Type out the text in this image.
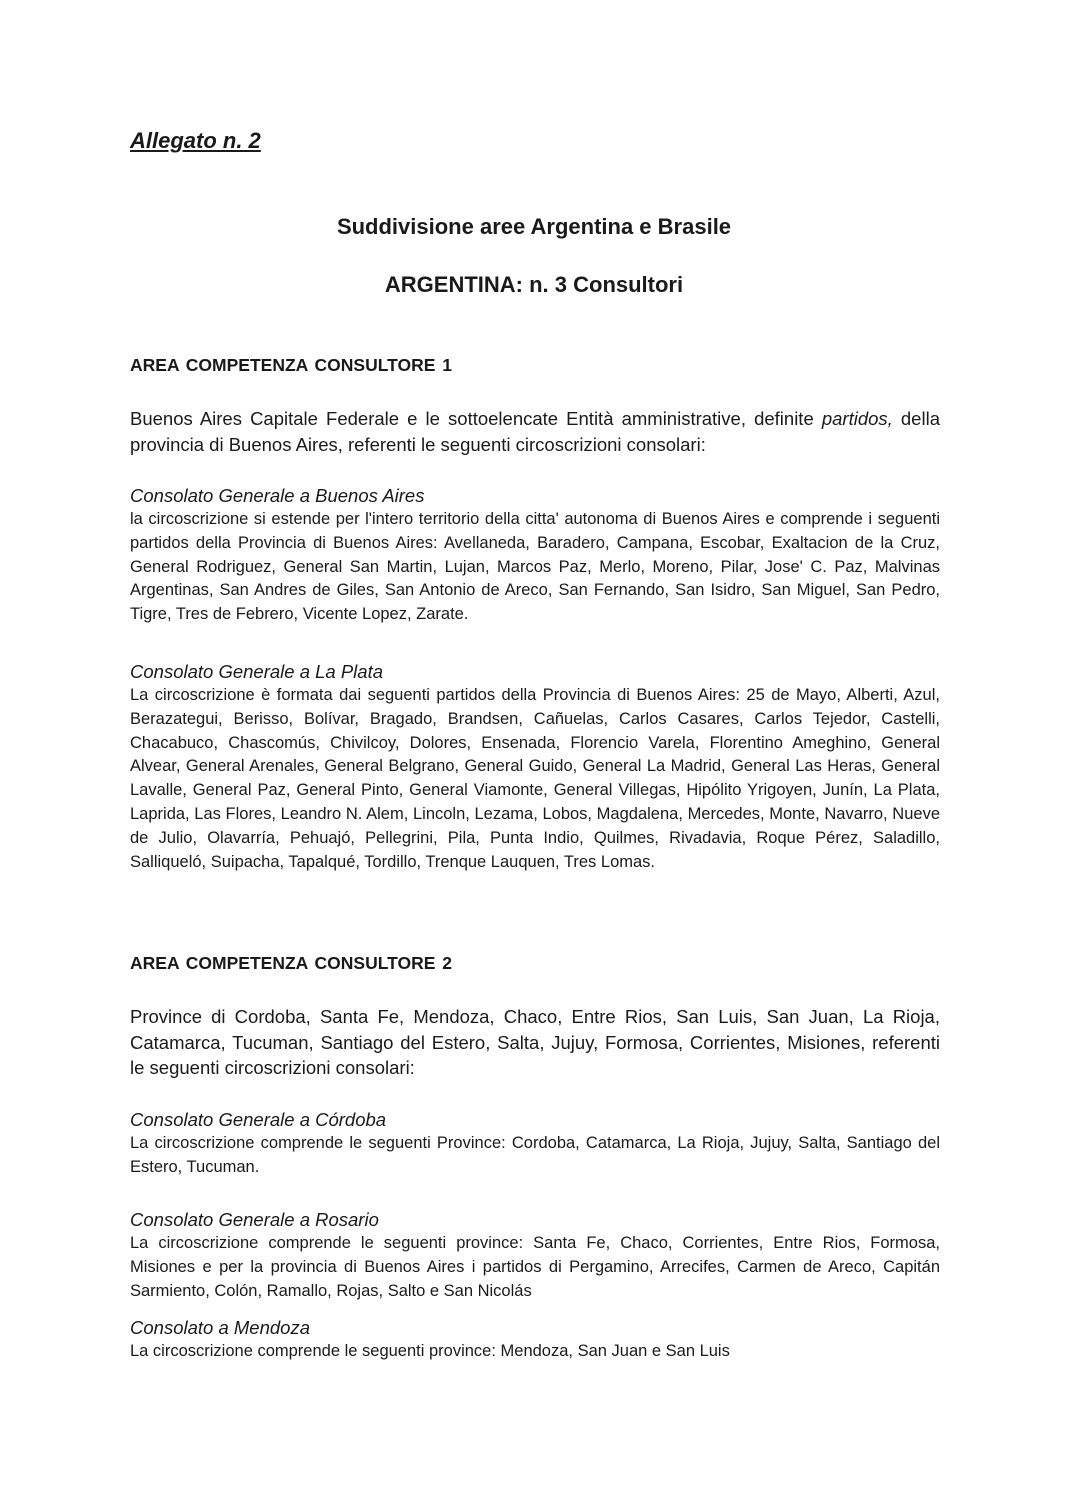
Allegato n. 2

Suddivisione aree Argentina e Brasile

ARGENTINA: n. 3 Consultori

AREA COMPETENZA CONSULTORE 1

Buenos Aires Capitale Federale e le sottoelencate Entità amministrative, definite partidos, della provincia di Buenos Aires, referenti le seguenti circoscrizioni consolari:

Consolato Generale a Buenos Aires

la circoscrizione si estende per l'intero territorio della citta' autonoma di Buenos Aires e comprende i seguenti partidos della Provincia di Buenos Aires: Avellaneda, Baradero, Campana, Escobar, Exaltacion de la Cruz, General Rodriguez, General San Martin, Lujan, Marcos Paz, Merlo, Moreno, Pilar, Jose' C. Paz, Malvinas Argentinas, San Andres de Giles, San Antonio de Areco, San Fernando, San Isidro, San Miguel, San Pedro, Tigre, Tres de Febrero, Vicente Lopez, Zarate.

Consolato Generale a La Plata

La circoscrizione è formata dai seguenti partidos della Provincia di Buenos Aires: 25 de Mayo, Alberti, Azul, Berazategui, Berisso, Bolívar, Bragado, Brandsen, Cañuelas, Carlos Casares, Carlos Tejedor, Castelli, Chacabuco, Chascomús, Chivilcoy, Dolores, Ensenada, Florencio Varela, Florentino Ameghino, General Alvear, General Arenales, General Belgrano, General Guido, General La Madrid, General Las Heras, General Lavalle, General Paz, General Pinto, General Viamonte, General Villegas, Hipólito Yrigoyen, Junín, La Plata, Laprida, Las Flores, Leandro N. Alem, Lincoln, Lezama, Lobos, Magdalena, Mercedes, Monte, Navarro, Nueve de Julio, Olavarría, Pehuajó, Pellegrini, Pila, Punta Indio, Quilmes, Rivadavia, Roque Pérez, Saladillo, Salliqueló, Suipacha, Tapalqué, Tordillo, Trenque Lauquen, Tres Lomas.

AREA COMPETENZA CONSULTORE 2

Province di Cordoba, Santa Fe, Mendoza, Chaco, Entre Rios, San Luis, San Juan, La Rioja, Catamarca, Tucuman, Santiago del Estero, Salta, Jujuy, Formosa, Corrientes, Misiones, referenti le seguenti circoscrizioni consolari:

Consolato Generale a Córdoba

La circoscrizione comprende le seguenti Province: Cordoba, Catamarca, La Rioja, Jujuy, Salta, Santiago del Estero, Tucuman.

Consolato Generale a Rosario

La circoscrizione comprende le seguenti province: Santa Fe, Chaco, Corrientes, Entre Rios, Formosa, Misiones e per la provincia di Buenos Aires i partidos di Pergamino, Arrecifes, Carmen de Areco, Capitán Sarmiento, Colón, Ramallo, Rojas, Salto e San Nicolás

Consolato a Mendoza

La circoscrizione comprende le seguenti province: Mendoza, San Juan e San Luis
